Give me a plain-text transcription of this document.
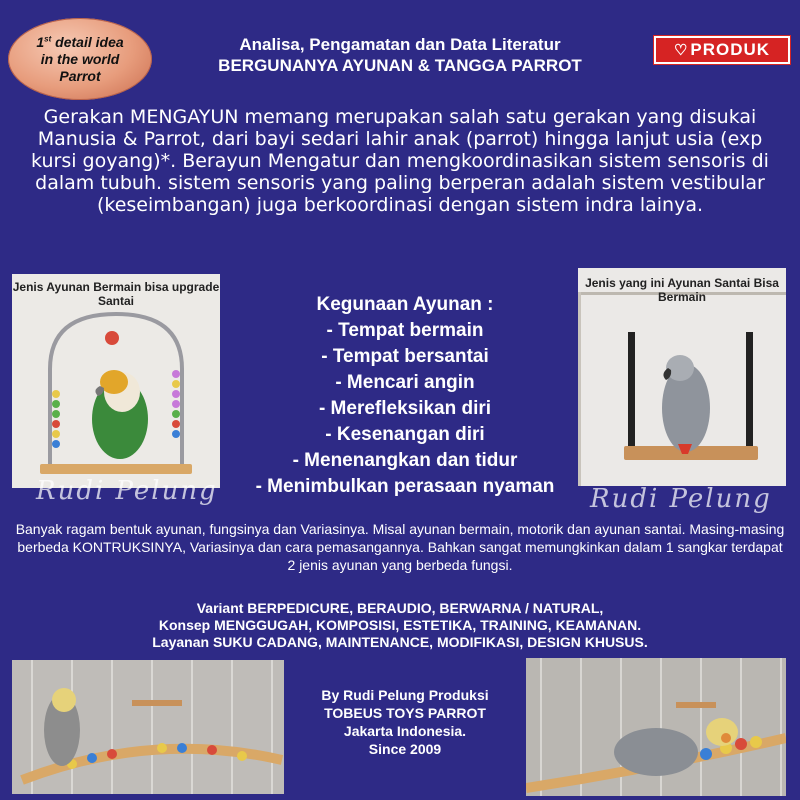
1st detail idea
in the world
Parrot
Analisa, Pengamatan dan Data Literatur
BERGUNANYA AYUNAN & TANGGA PARROT
♡ PRODUK
Gerakan MENGAYUN memang merupakan salah satu gerakan yang disukai Manusia & Parrot, dari bayi sedari lahir anak (parrot) hingga lanjut usia (exp kursi goyang)*. Berayun Mengatur dan mengkoordinasikan sistem sensoris di dalam tubuh. sistem sensoris yang paling berperan adalah sistem vestibular (keseimbangan) juga berkoordinasi dengan sistem indra lainya.
Jenis Ayunan Bermain bisa upgrade Santai
Jenis yang ini Ayunan Santai Bisa Bermain
Kegunaan Ayunan :
- Tempat bermain
- Tempat bersantai
- Mencari angin
- Merefleksikan diri
- Kesenangan diri
- Menenangkan dan tidur
- Menimbulkan perasaan nyaman
Rudi Pelung	Rudi Pelung
Banyak ragam bentuk ayunan, fungsinya dan Variasinya. Misal ayunan bermain, motorik dan ayunan santai. Masing-masing berbeda KONTRUKSINYA, Variasinya dan cara pemasangannya. Bahkan sangat memungkinkan dalam 1 sangkar terdapat 2 jenis ayunan yang berbeda fungsi.
Variant BERPEDICURE, BERAUDIO, BERWARNA / NATURAL,
Konsep MENGGUGAH, KOMPOSISI, ESTETIKA, TRAINING, KEAMANAN.
Layanan SUKU CADANG, MAINTENANCE, MODIFIKASI, DESIGN KHUSUS.
By Rudi Pelung Produksi
TOBEUS TOYS PARROT
Jakarta Indonesia.
Since 2009
